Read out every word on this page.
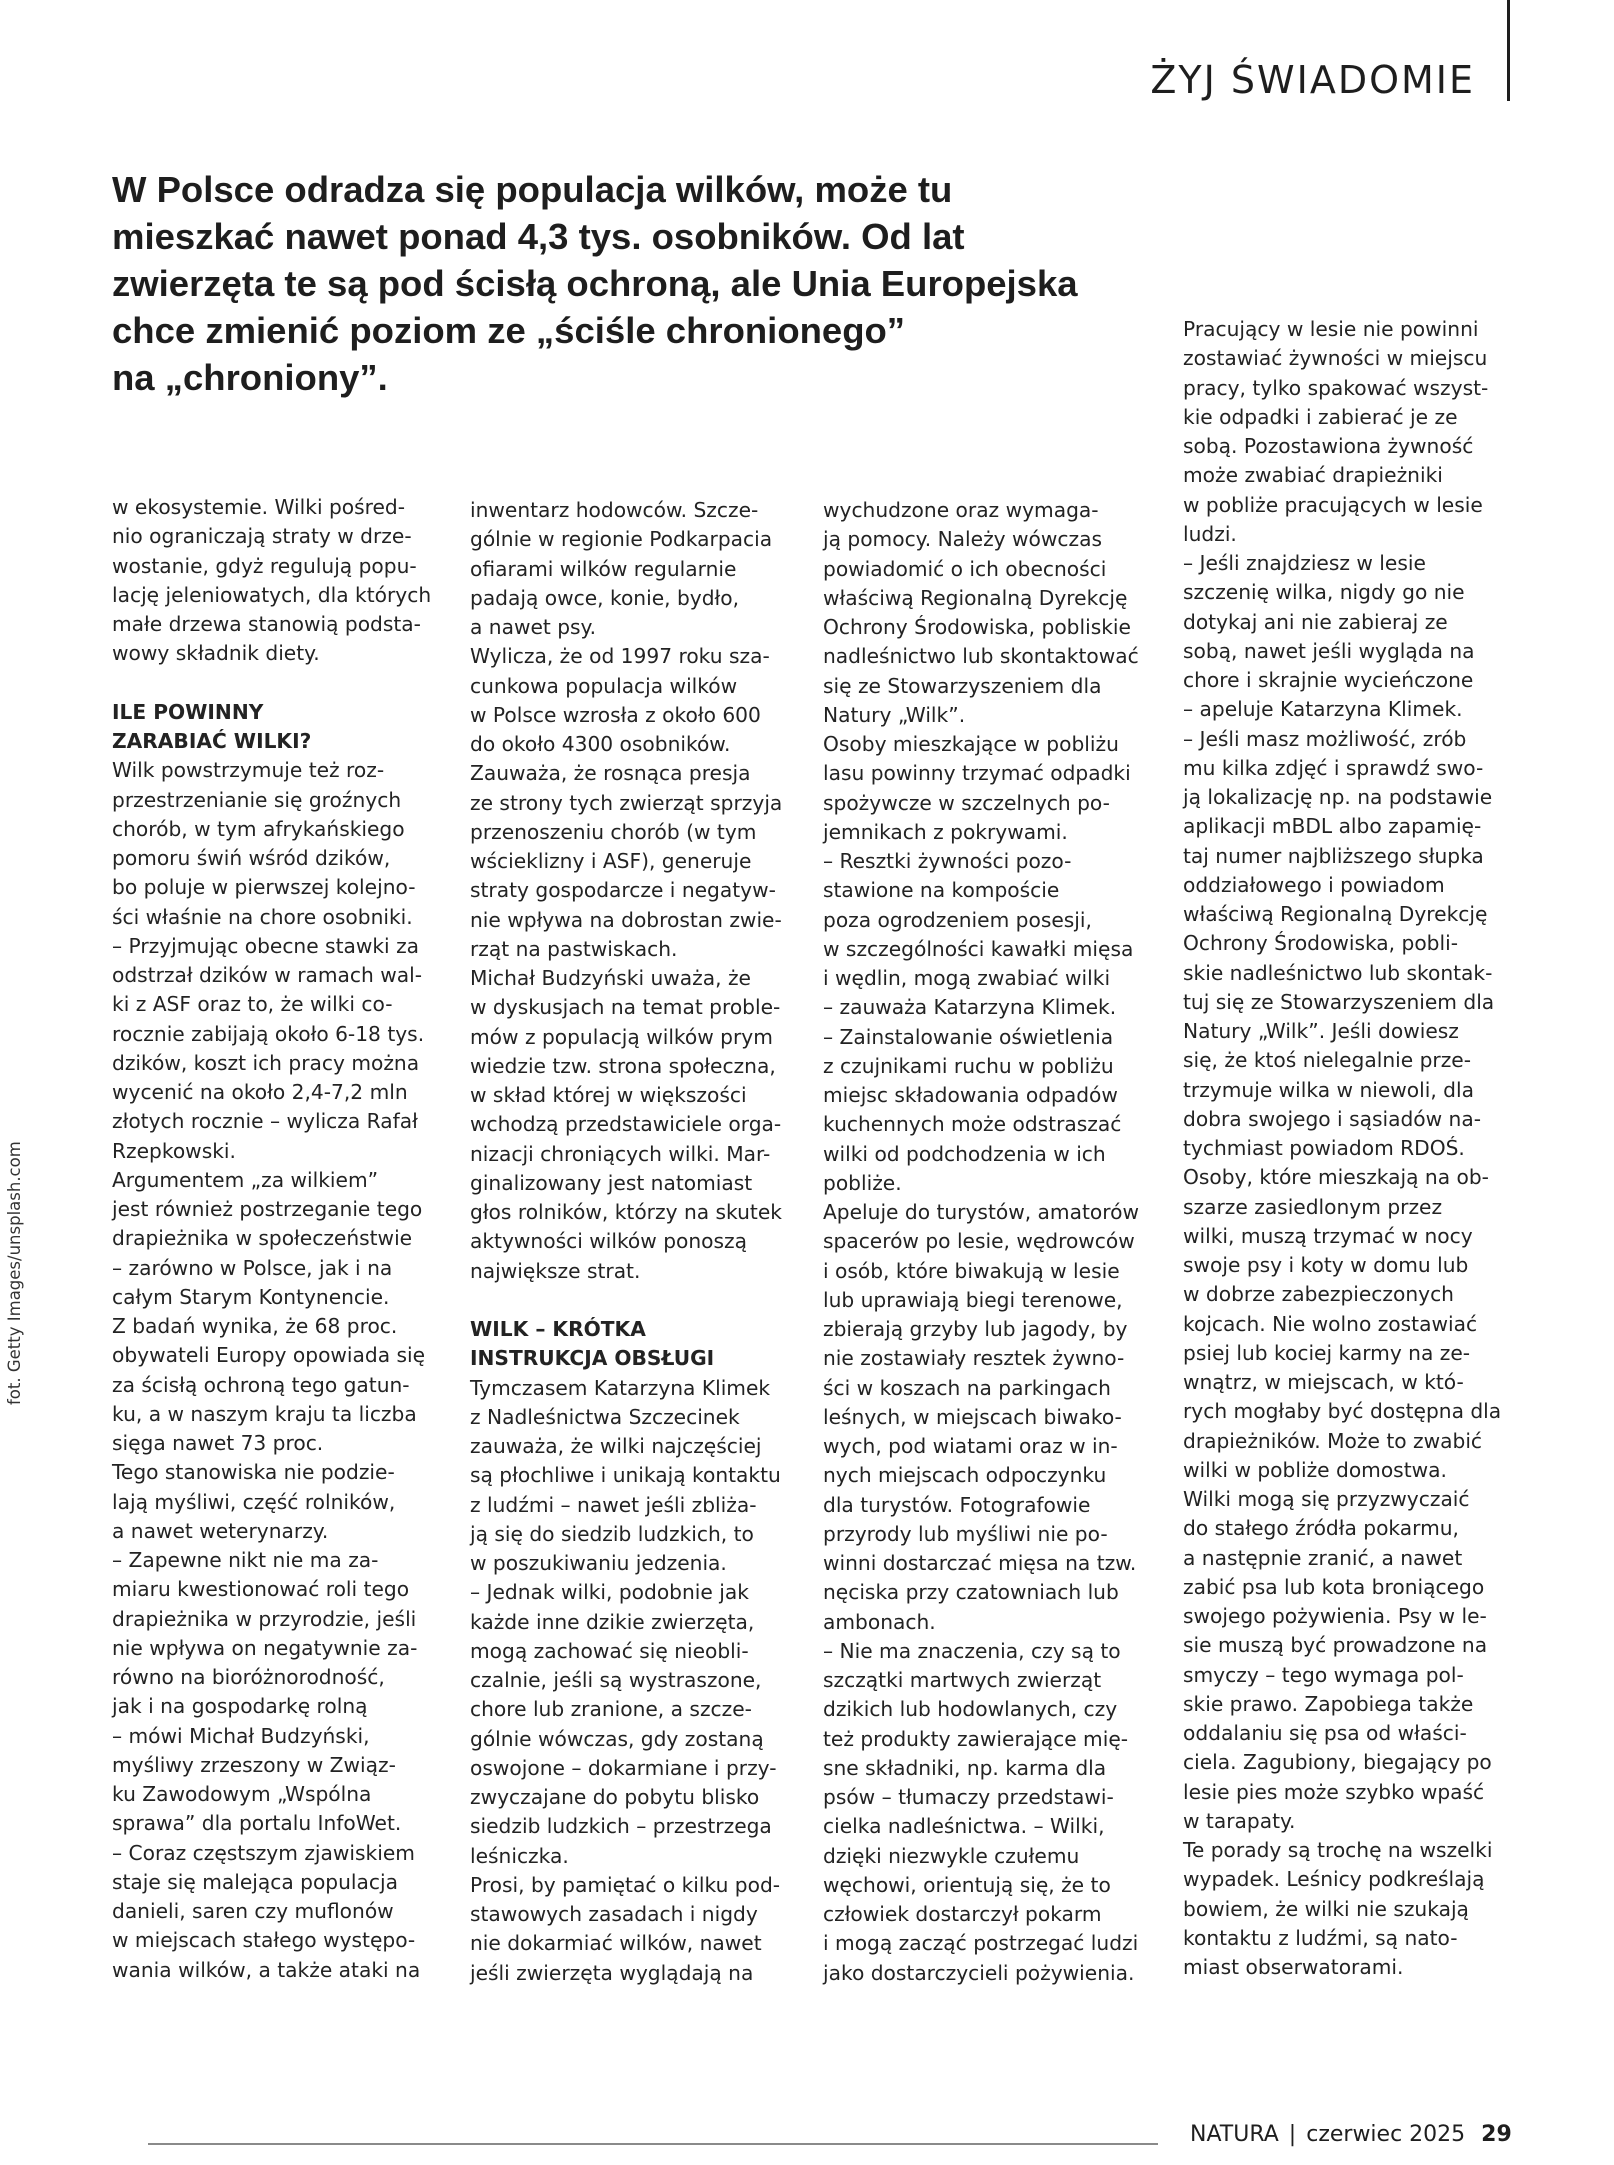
ŻYJ ŚWIADOMIE
W Polsce odradza się populacja wilków, może tu
mieszkać nawet ponad 4,3 tys. osobników. Od lat
zwierzęta te są pod ścisłą ochroną, ale Unia Europejska
chce zmienić poziom ze „ściśle chronionego”
na „chroniony”.
fot. Getty Images/unsplash.com
w ekosystemie. Wilki pośred-
nio ograniczają straty w drze-
wostanie, gdyż regulują popu-
lację jeleniowatych, dla których
małe drzewa stanowią podsta-
wowy składnik diety.
ILE POWINNY
ZARABIAĆ WILKI?
Wilk powstrzymuje też roz-
przestrzenianie się groźnych
chorób, w tym afrykańskiego
pomoru świń wśród dzików,
bo poluje w pierwszej kolejno-
ści właśnie na chore osobniki.
– Przyjmując obecne stawki za
odstrzał dzików w ramach wal-
ki z ASF oraz to, że wilki co-
rocznie zabijają około 6-18 tys.
dzików, koszt ich pracy można
wycenić na około 2,4-7,2 mln
złotych rocznie – wylicza Rafał
Rzepkowski.
Argumentem „za wilkiem”
jest również postrzeganie tego
drapieżnika w społeczeństwie
– zarówno w Polsce, jak i na
całym Starym Kontynencie.
Z badań wynika, że 68 proc.
obywateli Europy opowiada się
za ścisłą ochroną tego gatun-
ku, a w naszym kraju ta liczba
sięga nawet 73 proc.
Tego stanowiska nie podzie-
lają myśliwi, część rolników,
a nawet weterynarzy.
– Zapewne nikt nie ma za-
miaru kwestionować roli tego
drapieżnika w przyrodzie, jeśli
nie wpływa on negatywnie za-
równo na bioróżnorodność,
jak i na gospodarkę rolną
– mówi Michał Budzyński,
myśliwy zrzeszony w Związ-
ku Zawodowym „Wspólna
sprawa” dla portalu InfoWet.
– Coraz częstszym zjawiskiem
staje się malejąca populacja
danieli, saren czy muflonów
w miejscach stałego występo-
wania wilków, a także ataki na
inwentarz hodowców. Szcze-
gólnie w regionie Podkarpacia
ofiarami wilków regularnie
padają owce, konie, bydło,
a nawet psy.
Wylicza, że od 1997 roku sza-
cunkowa populacja wilków
w Polsce wzrosła z około 600
do około 4300 osobników.
Zauważa, że rosnąca presja
ze strony tych zwierząt sprzyja
przenoszeniu chorób (w tym
wścieklizny i ASF), generuje
straty gospodarcze i negatyw-
nie wpływa na dobrostan zwie-
rząt na pastwiskach.
Michał Budzyński uważa, że
w dyskusjach na temat proble-
mów z populacją wilków prym
wiedzie tzw. strona społeczna,
w skład której w większości
wchodzą przedstawiciele orga-
nizacji chroniących wilki. Mar-
ginalizowany jest natomiast
głos rolników, którzy na skutek
aktywności wilków ponoszą
największe strat.
WILK – KRÓTKA
INSTRUKCJA OBSŁUGI
Tymczasem Katarzyna Klimek
z Nadleśnictwa Szczecinek
zauważa, że wilki najczęściej
są płochliwe i unikają kontaktu
z ludźmi – nawet jeśli zbliża-
ją się do siedzib ludzkich, to
w poszukiwaniu jedzenia.
– Jednak wilki, podobnie jak
każde inne dzikie zwierzęta,
mogą zachować się nieobli-
czalnie, jeśli są wystraszone,
chore lub zranione, a szcze-
gólnie wówczas, gdy zostaną
oswojone – dokarmiane i przy-
zwyczajane do pobytu blisko
siedzib ludzkich – przestrzega
leśniczka.
Prosi, by pamiętać o kilku pod-
stawowych zasadach i nigdy
nie dokarmiać wilków, nawet
jeśli zwierzęta wyglądają na
wychudzone oraz wymaga-
ją pomocy. Należy wówczas
powiadomić o ich obecności
właściwą Regionalną Dyrekcję
Ochrony Środowiska, pobliskie
nadleśnictwo lub skontaktować
się ze Stowarzyszeniem dla
Natury „Wilk”.
Osoby mieszkające w pobliżu
lasu powinny trzymać odpadki
spożywcze w szczelnych po-
jemnikach z pokrywami.
– Resztki żywności pozo-
stawione na kompoście
poza ogrodzeniem posesji,
w szczególności kawałki mięsa
i wędlin, mogą zwabiać wilki
– zauważa Katarzyna Klimek.
– Zainstalowanie oświetlenia
z czujnikami ruchu w pobliżu
miejsc składowania odpadów
kuchennych może odstraszać
wilki od podchodzenia w ich
pobliże.
Apeluje do turystów, amatorów
spacerów po lesie, wędrowców
i osób, które biwakują w lesie
lub uprawiają biegi terenowe,
zbierają grzyby lub jagody, by
nie zostawiały resztek żywno-
ści w koszach na parkingach
leśnych, w miejscach biwako-
wych, pod wiatami oraz w in-
nych miejscach odpoczynku
dla turystów. Fotografowie
przyrody lub myśliwi nie po-
winni dostarczać mięsa na tzw.
nęciska przy czatowniach lub
ambonach.
– Nie ma znaczenia, czy są to
szczątki martwych zwierząt
dzikich lub hodowlanych, czy
też produkty zawierające mię-
sne składniki, np. karma dla
psów – tłumaczy przedstawi-
cielka nadleśnictwa. – Wilki,
dzięki niezwykle czułemu
węchowi, orientują się, że to
człowiek dostarczył pokarm
i mogą zacząć postrzegać ludzi
jako dostarczycieli pożywienia.
Pracujący w lesie nie powinni
zostawiać żywności w miejscu
pracy, tylko spakować wszyst-
kie odpadki i zabierać je ze
sobą. Pozostawiona żywność
może zwabiać drapieżniki
w pobliże pracujących w lesie
ludzi.
– Jeśli znajdziesz w lesie
szczenię wilka, nigdy go nie
dotykaj ani nie zabieraj ze
sobą, nawet jeśli wygląda na
chore i skrajnie wycieńczone
– apeluje Katarzyna Klimek.
– Jeśli masz możliwość, zrób
mu kilka zdjęć i sprawdź swo-
ją lokalizację np. na podstawie
aplikacji mBDL albo zapamię-
taj numer najbliższego słupka
oddziałowego i powiadom
właściwą Regionalną Dyrekcję
Ochrony Środowiska, pobli-
skie nadleśnictwo lub skontak-
tuj się ze Stowarzyszeniem dla
Natury „Wilk”. Jeśli dowiesz
się, że ktoś nielegalnie prze-
trzymuje wilka w niewoli, dla
dobra swojego i sąsiadów na-
tychmiast powiadom RDOŚ.
Osoby, które mieszkają na ob-
szarze zasiedlonym przez
wilki, muszą trzymać w nocy
swoje psy i koty w domu lub
w dobrze zabezpieczonych
kojcach. Nie wolno zostawiać
psiej lub kociej karmy na ze-
wnątrz, w miejscach, w któ-
rych mogłaby być dostępna dla
drapieżników. Może to zwabić
wilki w pobliże domostwa.
Wilki mogą się przyzwyczaić
do stałego źródła pokarmu,
a następnie zranić, a nawet
zabić psa lub kota broniącego
swojego pożywienia. Psy w le-
sie muszą być prowadzone na
smyczy – tego wymaga pol-
skie prawo. Zapobiega także
oddalaniu się psa od właści-
ciela. Zagubiony, biegający po
lesie pies może szybko wpaść
w tarapaty.
Te porady są trochę na wszelki
wypadek. Leśnicy podkreślają
bowiem, że wilki nie szukają
kontaktu z ludźmi, są nato-
miast obserwatorami.
NATURA | czerwiec 2025 29
